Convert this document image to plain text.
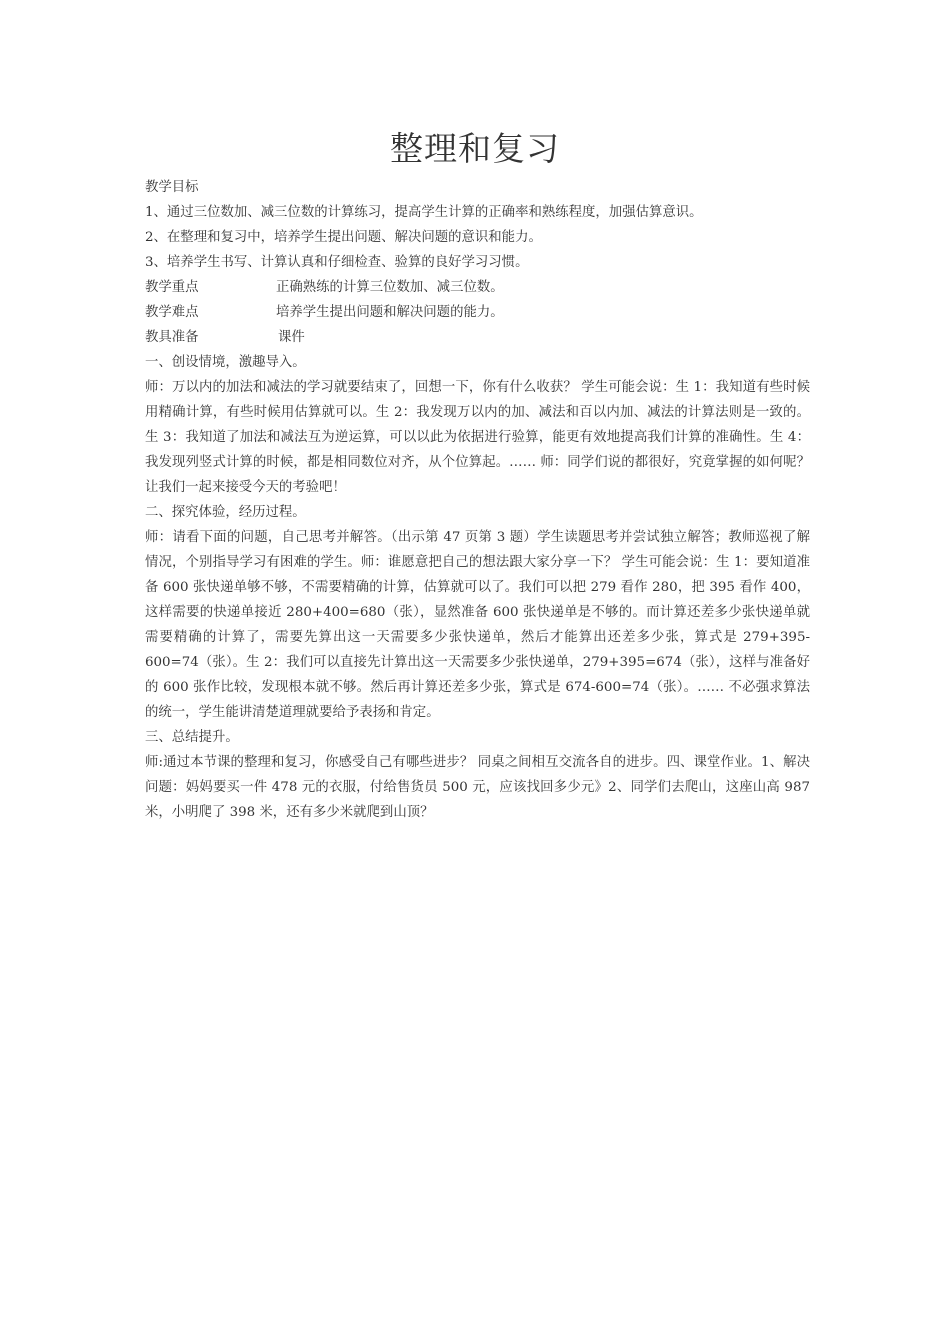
整理和复习

教学目标

1、通过三位数加、减三位数的计算练习，提高学生计算的正确率和熟练程度，加强估算意识。

2、在整理和复习中，培养学生提出问题、解决问题的意识和能力。

3、培养学生书写、计算认真和仔细检查、验算的良好学习习惯。

教学重点	正确熟练的计算三位数加、减三位数。

教学难点	培养学生提出问题和解决问题的能力。

教具准备	课件

一、创设情境，激趣导入。

师：万以内的加法和减法的学习就要结束了，回想一下，你有什么收获？ 学生可能会说：生 1：我知道有些时候用精确计算，有些时候用估算就可以。生 2：我发现万以内的加、减法和百以内加、减法的计算法则是一致的。生 3：我知道了加法和减法互为逆运算，可以以此为依据进行验算，能更有效地提高我们计算的准确性。生 4：我发现列竖式计算的时候，都是相同数位对齐，从个位算起。…… 师：同学们说的都很好，究竟掌握的如何呢？让我们一起来接受今天的考验吧！

二、探究体验，经历过程。

师：请看下面的问题，自己思考并解答。（出示第 47 页第 3 题）学生读题思考并尝试独立解答；教师巡视了解情况，个别指导学习有困难的学生。师：谁愿意把自己的想法跟大家分享一下？ 学生可能会说：生 1：要知道准备 600 张快递单够不够，不需要精确的计算，估算就可以了。我们可以把 279 看作 280，把 395 看作 400，这样需要的快递单接近 280+400=680（张），显然准备 600 张快递单是不够的。而计算还差多少张快递单就需要精确的计算了，需要先算出这一天需要多少张快递单，然后才能算出还差多少张，算式是 279+395-600=74（张）。生 2：我们可以直接先计算出这一天需要多少张快递单，279+395=674（张），这样与准备好的 600 张作比较，发现根本就不够。然后再计算还差多少张，算式是 674-600=74（张）。…… 不必强求算法的统一，学生能讲清楚道理就要给予表扬和肯定。

三、总结提升。

师:通过本节课的整理和复习，你感受自己有哪些进步？ 同桌之间相互交流各自的进步。四、课堂作业。1、解决问题：妈妈要买一件 478 元的衣服，付给售货员 500 元，应该找回多少元》2、同学们去爬山，这座山高 987 米，小明爬了 398 米，还有多少米就爬到山顶？
